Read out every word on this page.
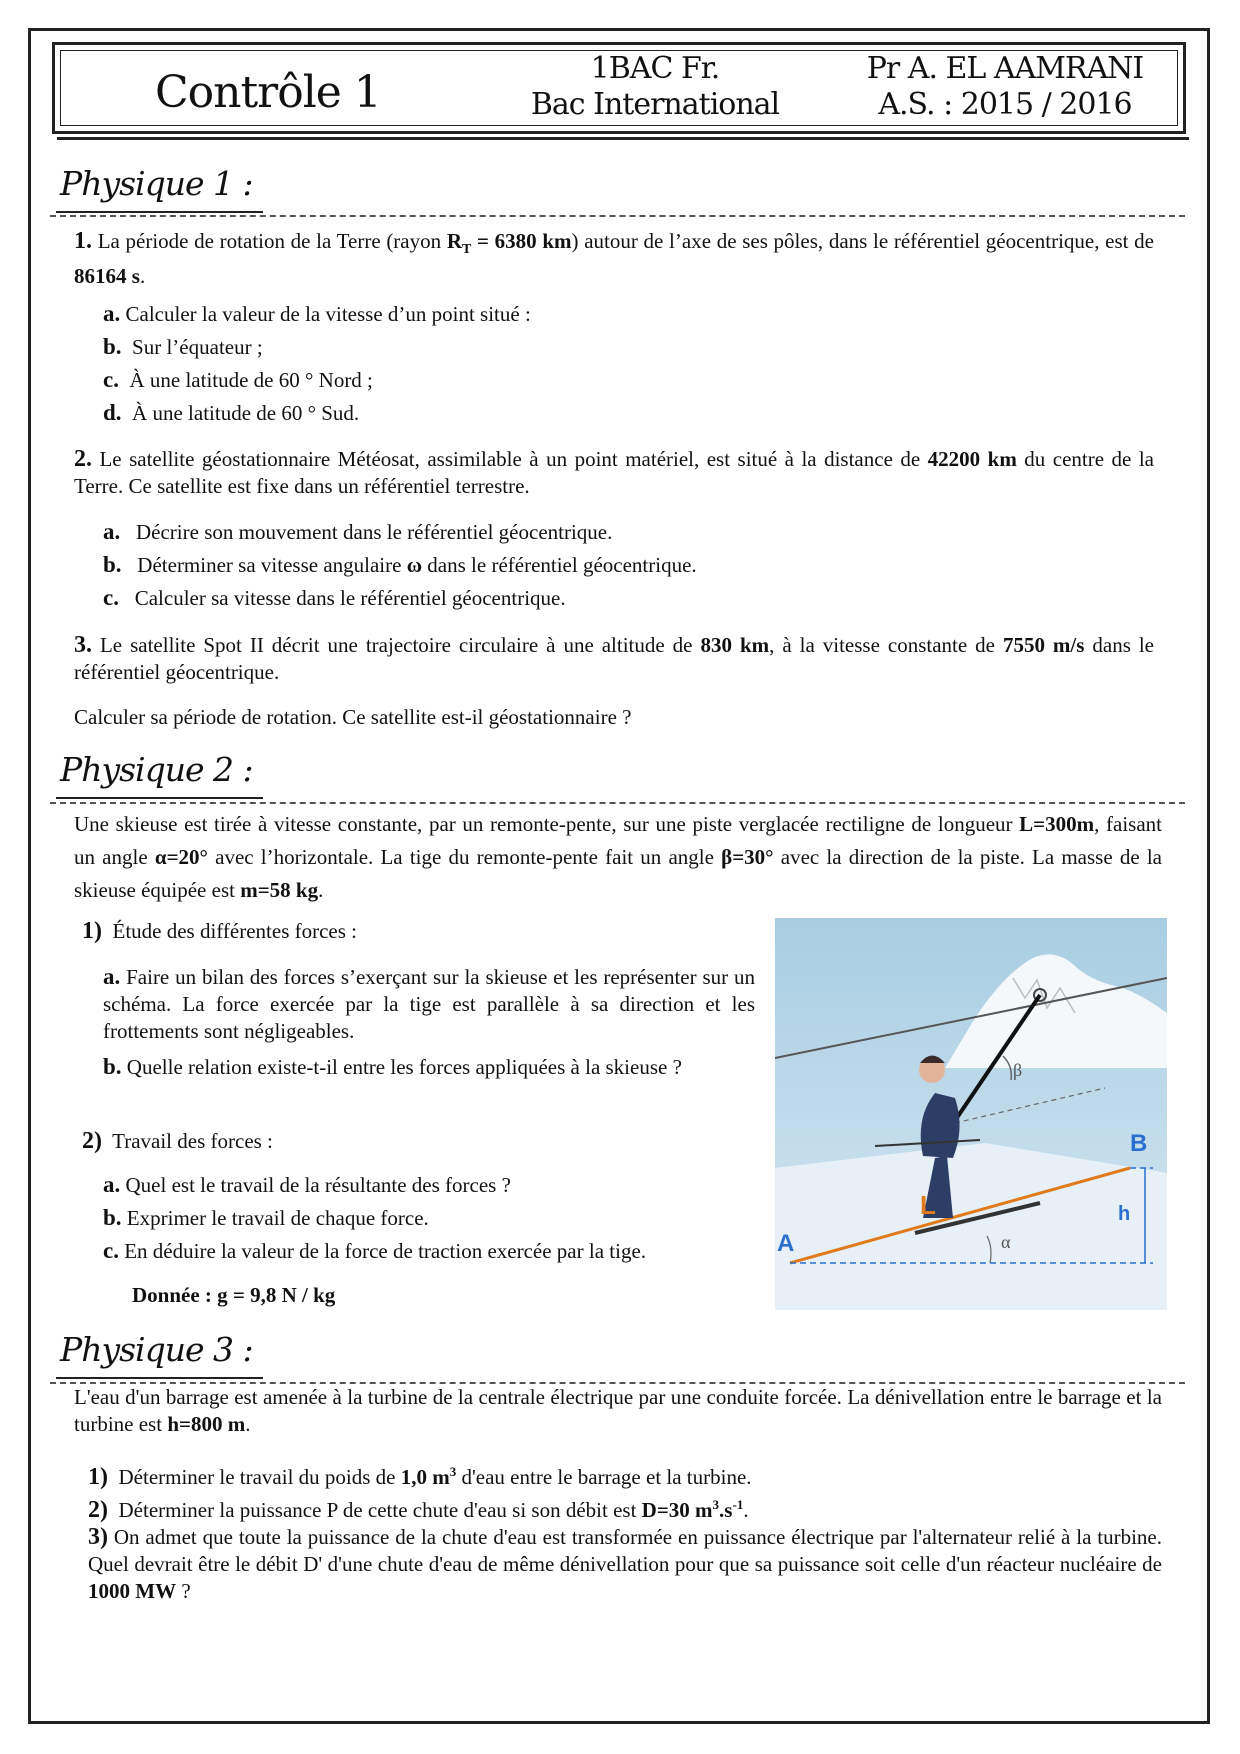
Contrôle 1	1BAC Fr.
Bac International
Pr A. EL AAMRANI
A.S. : 2015 / 2016
Physique 1 :
1. La période de rotation de la Terre (rayon $R_T = 6380$ km) autour de l’axe de ses pôles, dans le référentiel géocentrique, est de 86164 s.
a. Calculer la valeur de la vitesse d’un point situé :
b. Sur l’équateur ;
c. À une latitude de 60 ° Nord ;
d. À une latitude de 60 ° Sud.
2. Le satellite géostationnaire Météosat, assimilable à un point matériel, est situé à la distance de 42200 km du centre de la Terre. Ce satellite est fixe dans un référentiel terrestre.
a. Décrire son mouvement dans le référentiel géocentrique.
b. Déterminer sa vitesse angulaire ω dans le référentiel géocentrique.
c. Calculer sa vitesse dans le référentiel géocentrique.
3. Le satellite Spot II décrit une trajectoire circulaire à une altitude de 830 km, à la vitesse constante de 7550 m/s dans le référentiel géocentrique.
Calculer sa période de rotation. Ce satellite est-il géostationnaire ?
Physique 2 :
Une skieuse est tirée à vitesse constante, par un remonte-pente, sur une piste verglacée rectiligne de longueur L=300m, faisant un angle α=20° avec l’horizontale. La tige du remonte-pente fait un angle β=30° avec la direction de la piste. La masse de la skieuse équipée est m=58 kg.
1) Étude des différentes forces :
a. Faire un bilan des forces s’exerçant sur la skieuse et les représenter sur un schéma. La force exercée par la tige est parallèle à sa direction et les frottements sont négligeables.
b. Quelle relation existe-t-il entre les forces appliquées à la skieuse ?
2) Travail des forces :
a. Quel est le travail de la résultante des forces ?
b. Exprimer le travail de chaque force.
c. En déduire la valeur de la force de traction exercée par la tige.
Donnée : g = 9,8 N / kg
A
B
L	h
α
β
Physique 3 :
L'eau d'un barrage est amenée à la turbine de la centrale électrique par une conduite forcée. La dénivellation entre le barrage et la turbine est h=800 m.
1) Déterminer le travail du poids de 1,0 $m^3$ d'eau entre le barrage et la turbine.
2) Déterminer la puissance P de cette chute d'eau si son débit est D=30 $m^3.s^{-1}$.
3) On admet que toute la puissance de la chute d'eau est transformée en puissance électrique par l'alternateur relié à la turbine. Quel devrait être le débit D' d'une chute d'eau de même dénivellation pour que sa puissance soit celle d'un réacteur nucléaire de 1000 MW ?
